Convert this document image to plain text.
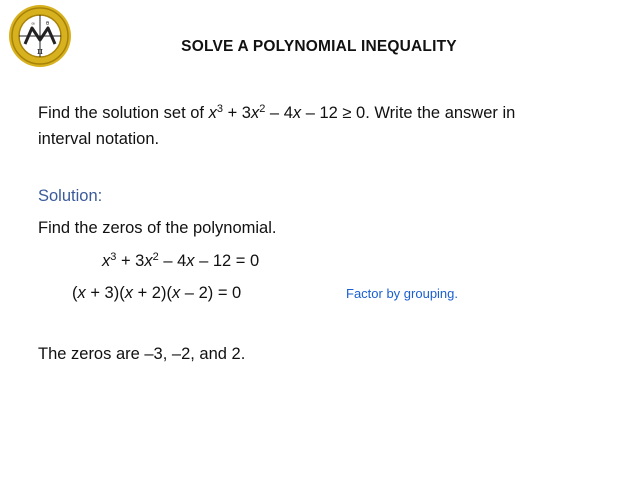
π
∞ θ
SOLVE A POLYNOMIAL INEQUALITY
Find the solution set of $x^3 + 3x^2 - 4x - 12 \ge 0$. Write the answer in
interval notation.
Solution:
Find the zeros of the polynomial.
$x^3 + 3x^2 - 4x - 12 = 0$
(x + 3)(x + 2)(x – 2) = 0	Factor by grouping.
The zeros are –3, –2, and 2.
